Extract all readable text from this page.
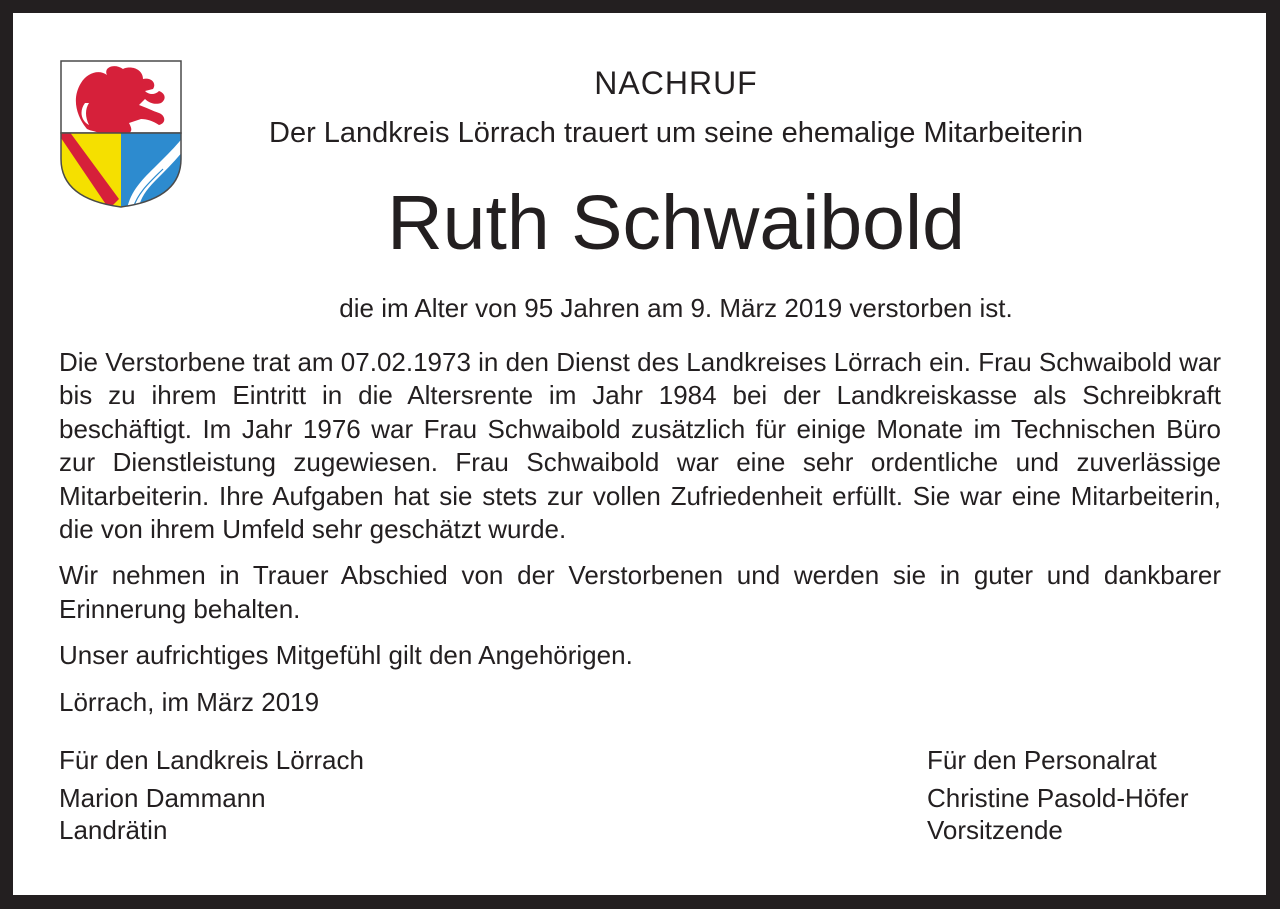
NACHRUF
Der Landkreis Lörrach trauert um seine ehemalige Mitarbeiterin
Ruth Schwaibold
die im Alter von 95 Jahren am 9. März 2019 verstorben ist.

Die Verstorbene trat am 07.02.1973 in den Dienst des Landkreises Lörrach ein. Frau Schwaibold war bis zu ihrem Eintritt in die Altersrente im Jahr 1984 bei der Landkreiskasse als Schreibkraft beschäftigt. Im Jahr 1976 war Frau Schwaibold zusätzlich für einige Monate im Technischen Büro zur Dienstleistung zugewiesen. Frau Schwaibold war eine sehr ordentliche und zuverlässige Mitarbeiterin. Ihre Aufgaben hat sie stets zur vollen Zufriedenheit erfüllt. Sie war eine Mitarbeiterin, die von ihrem Umfeld sehr geschätzt wurde.

Wir nehmen in Trauer Abschied von der Verstorbenen und werden sie in guter und dankbarer Erinnerung behalten.

Unser aufrichtiges Mitgefühl gilt den Angehörigen.

Lörrach, im März 2019

Für den Landkreis Lörrach
Marion Dammann
Landrätin
Für den Personalrat
Christine Pasold-Höfer
Vorsitzende
